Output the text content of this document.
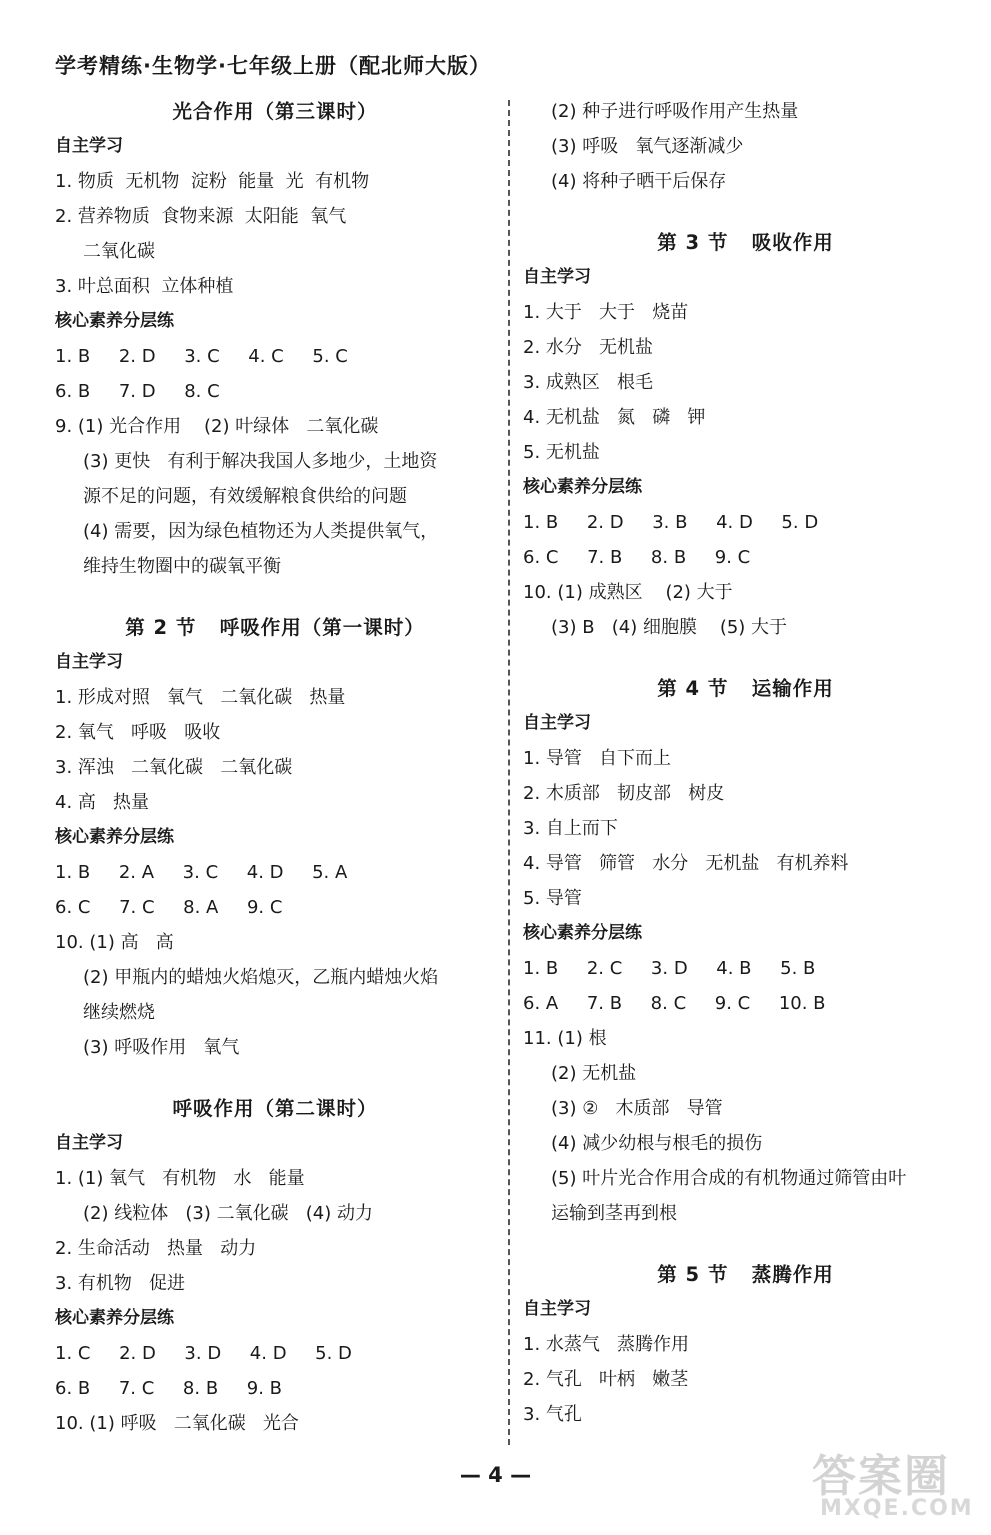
学考精练·生物学·七年级上册（配北师大版）
光合作用（第三课时）
自主学习
1. 物质  无机物  淀粉  能量  光  有机物
2. 营养物质  食物来源  太阳能  氧气
二氧化碳
3. 叶总面积  立体种植
核心素养分层练
1. B     2. D     3. C     4. C     5. C
6. B     7. D     8. C
9. (1) 光合作用    (2) 叶绿体   二氧化碳
(3) 更快   有利于解决我国人多地少，土地资
源不足的问题，有效缓解粮食供给的问题
(4) 需要，因为绿色植物还为人类提供氧气，
维持生物圈中的碳氧平衡
第 2 节   呼吸作用（第一课时）
自主学习
1. 形成对照   氧气   二氧化碳   热量
2. 氧气   呼吸   吸收
3. 浑浊   二氧化碳   二氧化碳
4. 高   热量
核心素养分层练
1. B     2. A     3. C     4. D     5. A
6. C     7. C     8. A     9. C
10. (1) 高   高
(2) 甲瓶内的蜡烛火焰熄灭，乙瓶内蜡烛火焰
继续燃烧
(3) 呼吸作用   氧气
呼吸作用（第二课时）
自主学习
1. (1) 氧气   有机物   水   能量
(2) 线粒体   (3) 二氧化碳   (4) 动力
2. 生命活动   热量   动力
3. 有机物   促进
核心素养分层练
1. C     2. D     3. D     4. D     5. D
6. B     7. C     8. B     9. B
10. (1) 呼吸   二氧化碳   光合
(2) 种子进行呼吸作用产生热量
(3) 呼吸   氧气逐渐减少
(4) 将种子晒干后保存
第 3 节   吸收作用
自主学习
1. 大于   大于   烧苗
2. 水分   无机盐
3. 成熟区   根毛
4. 无机盐   氮   磷   钾
5. 无机盐
核心素养分层练
1. B     2. D     3. B     4. D     5. D
6. C     7. B     8. B     9. C
10. (1) 成熟区    (2) 大于
(3) B   (4) 细胞膜    (5) 大于
第 4 节   运输作用
自主学习
1. 导管   自下而上
2. 木质部   韧皮部   树皮
3. 自上而下
4. 导管   筛管   水分   无机盐   有机养料
5. 导管
核心素养分层练
1. B     2. C     3. D     4. B     5. B
6. A     7. B     8. C     9. C     10. B
11. (1) 根
(2) 无机盐
(3) ②   木质部   导管
(4) 减少幼根与根毛的损伤
(5) 叶片光合作用合成的有机物通过筛管由叶
运输到茎再到根
第 5 节   蒸腾作用
自主学习
1. 水蒸气   蒸腾作用
2. 气孔   叶柄   嫩茎
3. 气孔
— 4 —	答案圈
MXQE.COM
